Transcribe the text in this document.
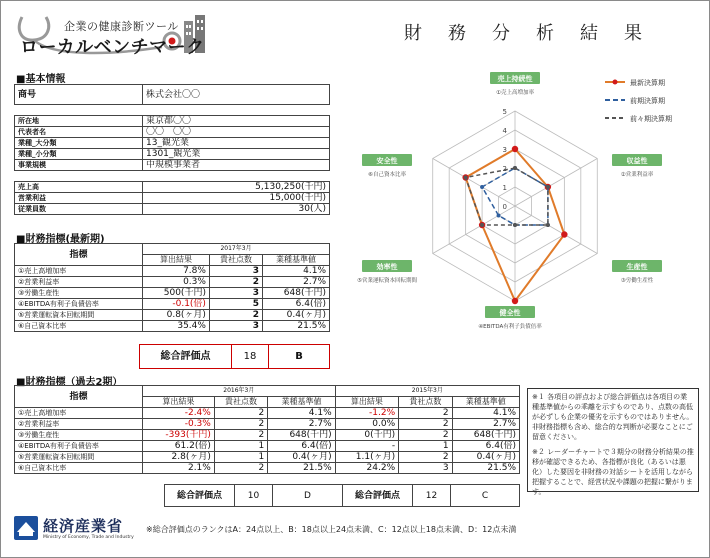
企業の健康診断ツール
ローカルベンチマーク
財務分析結果
■基本情報
商号	株式会社〇〇
所在地	東京都〇〇
代表者名	〇〇　〇〇
業種_大分類	13_観光業
業種_小分類	1301_観光業
事業規模	中規模事業者
売上高	5,130,250(千円)
営業利益	15,000(千円)
従業員数	30(人)
■財務指標(最新期)
指標	2017年3月		
	算出結果	貴社点数	業種基準値
①売上高増加率	7.8%	3	4.1%
②営業利益率	0.3%	2	2.7%
③労働生産性	500(千円)	3	648(千円)
④EBITDA有利子負債倍率	-0.1(倍)	5	6.4(倍)
⑤営業運転資本回転期間	0.8(ヶ月)	2	0.4(ヶ月)
⑥自己資本比率	35.4%	3	21.5%
総合評価点	18	B
■財務指標（過去2期）
指標	2016年3月			2015年3月		
	算出結果	貴社点数	業種基準値	算出結果	貴社点数	業種基準値
①売上高増加率	-2.4%	2	4.1%	-1.2%	2	4.1%
②営業利益率	-0.3%	2	2.7%	0.0%	2	2.7%
③労働生産性	-393(千円)	2	648(千円)	0(千円)	2	648(千円)
④EBITDA有利子負債倍率	61.2(倍)	1	6.4(倍)	-	1	6.4(倍)
⑤営業運転資本回転期間	2.8(ヶ月)	1	0.4(ヶ月)	1.1(ヶ月)	2	0.4(ヶ月)
⑥自己資本比率	2.1%	2	21.5%	24.2%	3	21.5%
総合評価点	10	D	総合評価点	12	C
0
1
2
3
4
5
売上持続性
①売上高増加率
収益性
②営業利益率
生産性
③労働生産性
健全性
④EBITDA有利子負債倍率
効率性
⑤営業運転資本回転期間
安全性
⑥自己資本比率
最新決算期
前期決算期
前々期決算期

※１ 各項目の評点および総合評価点は各項目の業種基準値からの乖離を示すものであり、点数の高低が必ずしも企業の優劣を示すものではありません。非財務指標も含め、総合的な判断が必要なことにご留意ください。

※２ レーダーチャートで３期分の財務分析結果の推移が確認できるため、各指標が良化（あるいは悪化）した要因を非財務の対話シートを活用しながら把握することで、経営状況や課題の把握に繋がります。

経済産業省
Ministry of Economy, Trade and Industry
※総合評価点のランクはA：24点以上、B：18点以上24点未満、C：12点以上18点未満、D：12点未満
